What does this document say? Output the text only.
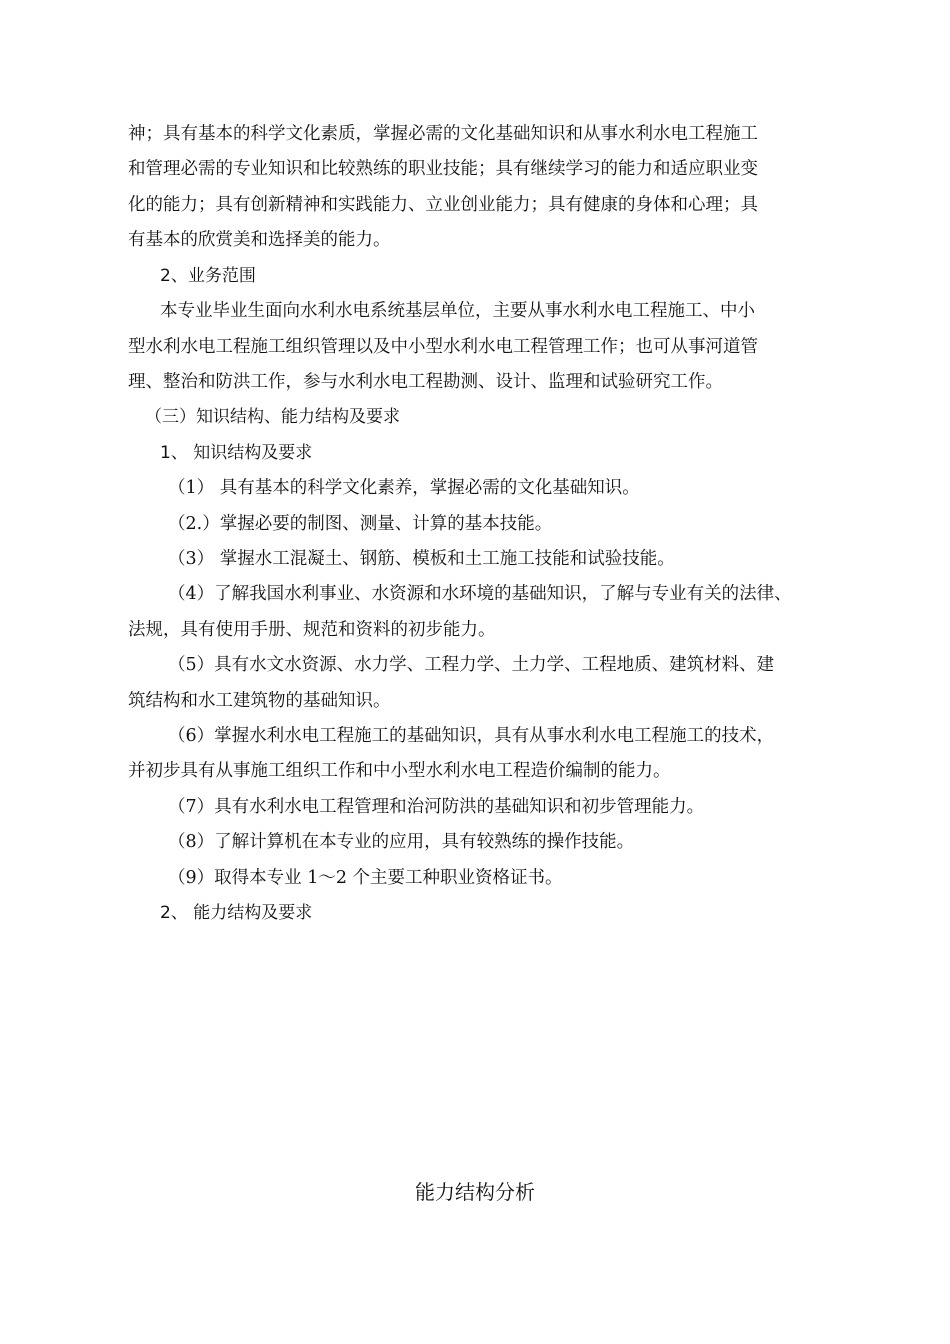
神；具有基本的科学文化素质，掌握必需的文化基础知识和从事水利水电工程施工
和管理必需的专业知识和比较熟练的职业技能；具有继续学习的能力和适应职业变
化的能力；具有创新精神和实践能力、立业创业能力；具有健康的身体和心理；具
有基本的欣赏美和选择美的能力。
2、业务范围
本专业毕业生面向水利水电系统基层单位，主要从事水利水电工程施工、中小
型水利水电工程施工组织管理以及中小型水利水电工程管理工作；也可从事河道管
理、整治和防洪工作，参与水利水电工程勘测、设计、监理和试验研究工作。
（三）知识结构、能力结构及要求
1、 知识结构及要求
（1） 具有基本的科学文化素养，掌握必需的文化基础知识。
（2.）掌握必要的制图、测量、计算的基本技能。
（3） 掌握水工混凝土、钢筋、模板和土工施工技能和试验技能。
（4）了解我国水利事业、水资源和水环境的基础知识，了解与专业有关的法律、
法规，具有使用手册、规范和资料的初步能力。
（5）具有水文水资源、水力学、工程力学、土力学、工程地质、建筑材料、建
筑结构和水工建筑物的基础知识。
（6）掌握水利水电工程施工的基础知识，具有从事水利水电工程施工的技术，
并初步具有从事施工组织工作和中小型水利水电工程造价编制的能力。
（7）具有水利水电工程管理和治河防洪的基础知识和初步管理能力。
（8）了解计算机在本专业的应用，具有较熟练的操作技能。
（9）取得本专业 1～2 个主要工种职业资格证书。
2、 能力结构及要求
能力结构分析
